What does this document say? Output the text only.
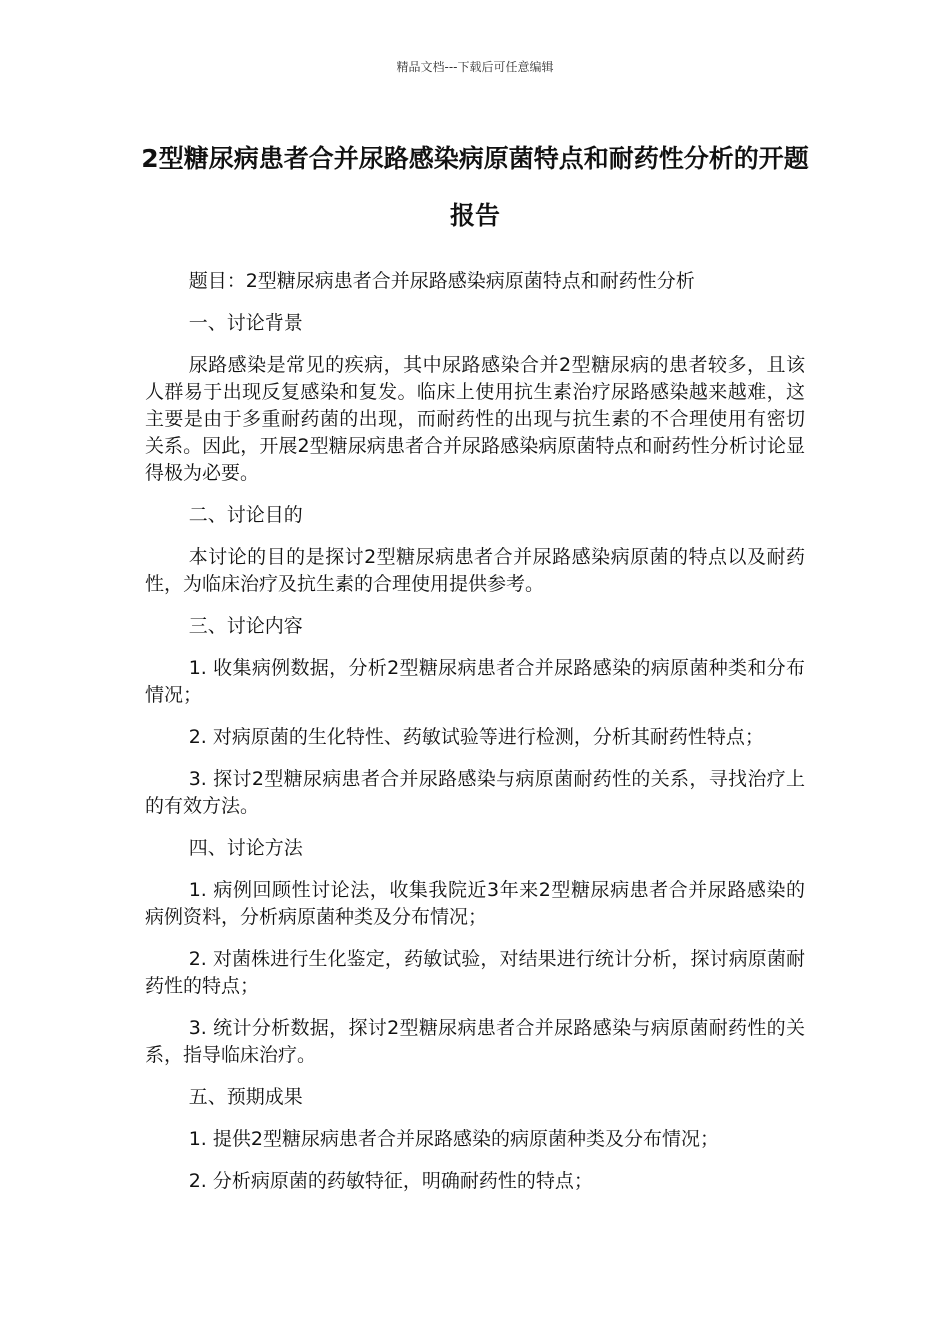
精品文档---下载后可任意编辑
2型糖尿病患者合并尿路感染病原菌特点和耐药性分析的开题报告

题目：2型糖尿病患者合并尿路感染病原菌特点和耐药性分析

一、讨论背景

尿路感染是常见的疾病，其中尿路感染合并2型糖尿病的患者较多，且该人群易于出现反复感染和复发。临床上使用抗生素治疗尿路感染越来越难，这主要是由于多重耐药菌的出现，而耐药性的出现与抗生素的不合理使用有密切关系。因此，开展2型糖尿病患者合并尿路感染病原菌特点和耐药性分析讨论显得极为必要。

二、讨论目的

本讨论的目的是探讨2型糖尿病患者合并尿路感染病原菌的特点以及耐药性，为临床治疗及抗生素的合理使用提供参考。

三、讨论内容

1. 收集病例数据，分析2型糖尿病患者合并尿路感染的病原菌种类和分布情况；

2. 对病原菌的生化特性、药敏试验等进行检测，分析其耐药性特点；

3. 探讨2型糖尿病患者合并尿路感染与病原菌耐药性的关系，寻找治疗上的有效方法。

四、讨论方法

1. 病例回顾性讨论法，收集我院近3年来2型糖尿病患者合并尿路感染的病例资料，分析病原菌种类及分布情况；

2. 对菌株进行生化鉴定，药敏试验，对结果进行统计分析，探讨病原菌耐药性的特点；

3. 统计分析数据，探讨2型糖尿病患者合并尿路感染与病原菌耐药性的关系，指导临床治疗。

五、预期成果

1. 提供2型糖尿病患者合并尿路感染的病原菌种类及分布情况；

2. 分析病原菌的药敏特征，明确耐药性的特点；
